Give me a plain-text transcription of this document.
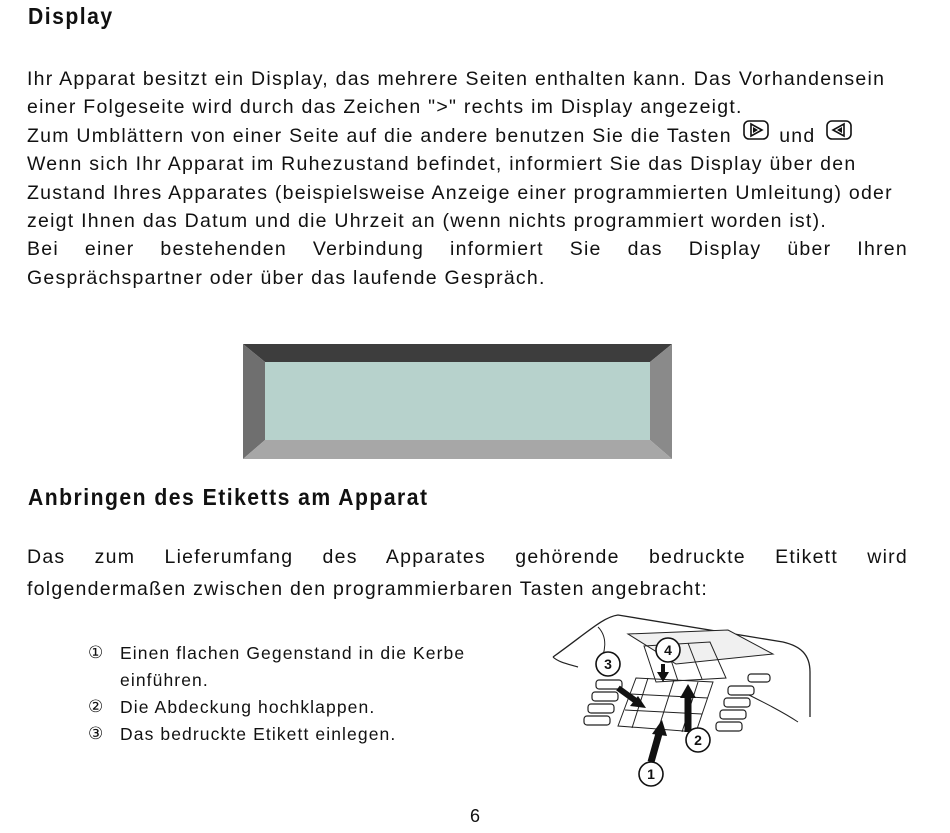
Display
Ihr Apparat besitzt ein Display, das mehrere Seiten enthalten kann. Das Vorhandensein
einer Folgeseite wird durch das Zeichen ">" rechts im Display angezeigt.
Zum Umblättern von einer Seite auf die andere benutzen Sie die Tasten und
Wenn sich Ihr Apparat im Ruhezustand befindet, informiert Sie das Display über den
Zustand Ihres Apparates (beispielsweise Anzeige einer programmierten Umleitung) oder
zeigt Ihnen das Datum und die Uhrzeit an (wenn nichts programmiert worden ist).
Bei einer bestehenden Verbindung informiert Sie das Display über Ihren
Gesprächspartner oder über das laufende Gespräch.
Anbringen des Etiketts am Apparat
Das zum Lieferumfang des Apparates gehörende bedruckte Etikett wird
folgendermaßen zwischen den programmierbaren Tasten angebracht:
① Einen flachen Gegenstand in die Kerbe
einführen.
② Die Abdeckung hochklappen.
③ Das bedruckte Etikett einlegen.
3
4
2
1
6
